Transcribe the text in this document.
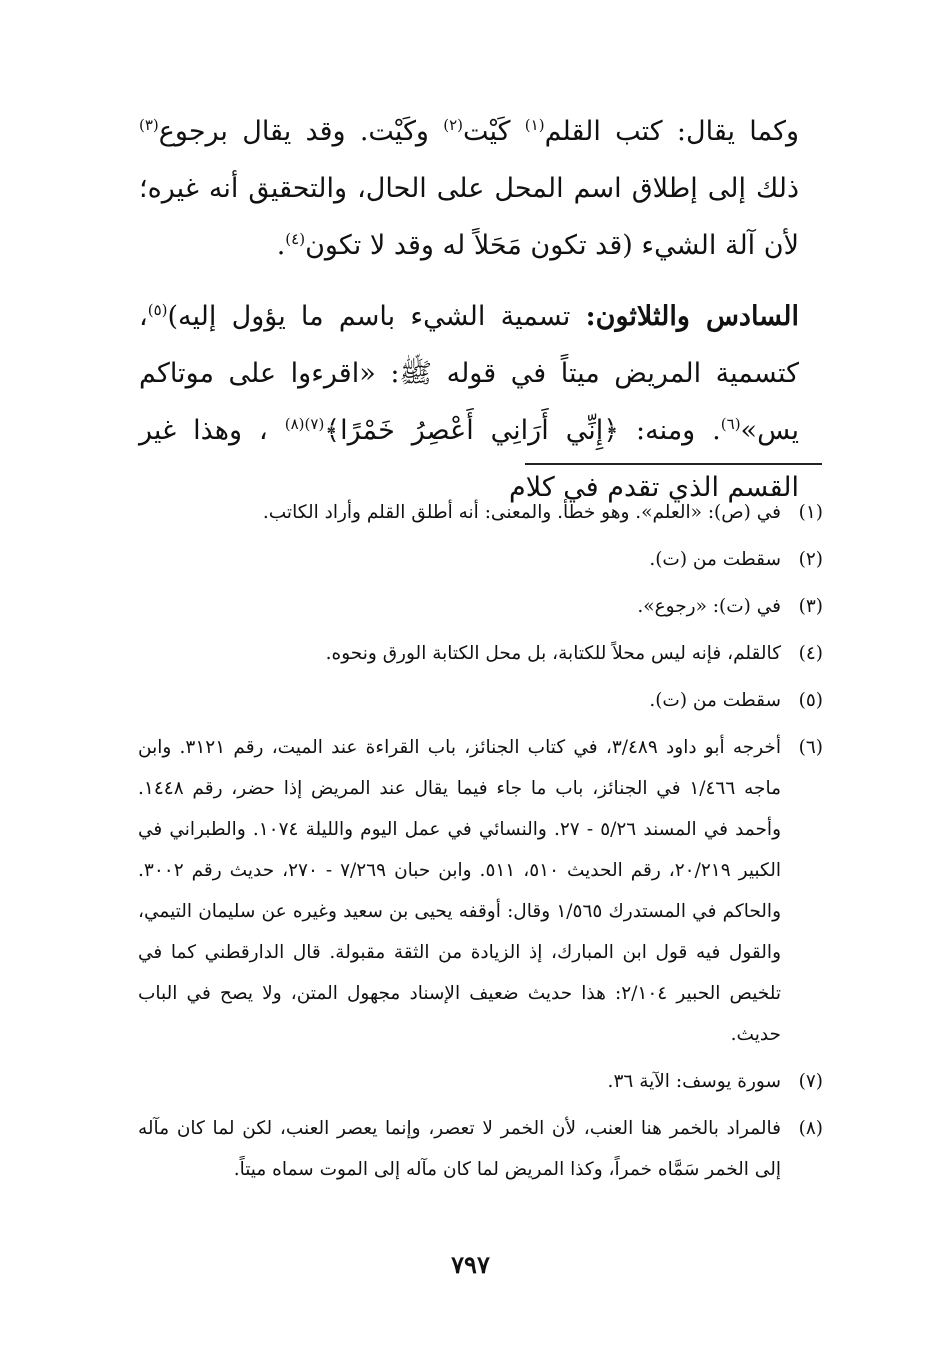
وكما يقال: كتب القلم$^{(١)}$ كَيْت$^{(٢)}$ وكَيْت. وقد يقال برجوع$^{(٣)}$ ذلك إلى إطلاق اسم المحل على الحال، والتحقيق أنه غيره؛ لأن آلة الشيء (قد تكون مَحَلاً له وقد لا تكون$^{(٤)}$.

السادس والثلاثون: تسمية الشيء باسم ما يؤول إليه)$^{(٥)}$، كتسمية المريض ميتاً في قوله ﷺ: «اقرءوا على موتاكم يس»$^{(٦)}$. ومنه: ﴿إِنِّي أَرَانِي أَعْصِرُ خَمْرًا﴾$^{(٧)(٨)}$ ، وهذا غير القسم الذي تقدم في كلام

(١)
في (ص): «العلم». وهو خطأ. والمعنى: أنه أطلق القلم وأراد الكاتب.
(٢)
سقطت من (ت).
(٣)
في (ت): «رجوع».
(٤)
كالقلم، فإنه ليس محلاً للكتابة، بل محل الكتابة الورق ونحوه.
(٥)
سقطت من (ت).
(٦)
أخرجه أبو داود ٣/٤٨٩، في كتاب الجنائز، باب القراءة عند الميت، رقم ٣١٢١. وابن ماجه ١/٤٦٦ في الجنائز، باب ما جاء فيما يقال عند المريض إذا حضر، رقم ١٤٤٨. وأحمد في المسند ٥/٢٦ - ٢٧. والنسائي في عمل اليوم والليلة ١٠٧٤. والطبراني في الكبير ٢٠/٢١٩، رقم الحديث ٥١٠، ٥١١. وابن حبان ٧/٢٦٩ - ٢٧٠، حديث رقم ٣٠٠٢. والحاكم في المستدرك ١/٥٦٥ وقال: أوقفه يحيى بن سعيد وغيره عن سليمان التيمي، والقول فيه قول ابن المبارك، إذ الزيادة من الثقة مقبولة. قال الدارقطني كما في تلخيص الحبير ٢/١٠٤: هذا حديث ضعيف الإسناد مجهول المتن، ولا يصح في الباب حديث.
(٧)
سورة يوسف: الآية ٣٦.
(٨)
فالمراد بالخمر هنا العنب، لأن الخمر لا تعصر، وإنما يعصر العنب، لكن لما كان مآله إلى الخمر سَمَّاه خمراً، وكذا المريض لما كان مآله إلى الموت سماه ميتاً.
٧٩٧
